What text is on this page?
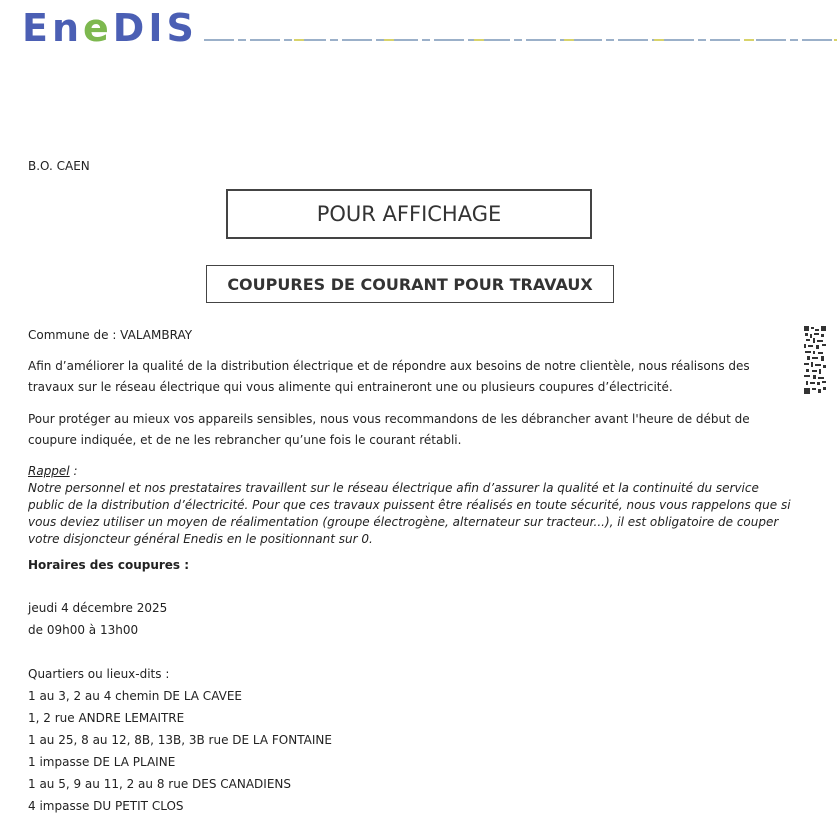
EneDIS
B.O. CAEN
POUR AFFICHAGE
COUPURES DE COURANT POUR TRAVAUX
Commune de : VALAMBRAY
Afin d’améliorer la qualité de la distribution électrique et de répondre aux besoins de notre clientèle, nous réalisons des travaux sur le réseau électrique qui vous alimente qui entraineront une ou plusieurs coupures d’électricité.
Pour protéger au mieux vos appareils sensibles, nous vous recommandons de les débrancher avant l'heure de début de coupure indiquée, et de ne les rebrancher qu’une fois le courant rétabli.
Rappel :
Notre personnel et nos prestataires travaillent sur le réseau électrique afin d’assurer la qualité et la continuité du service public de la distribution d’électricité. Pour que ces travaux puissent être réalisés en toute sécurité, nous vous rappelons que si vous deviez utiliser un moyen de réalimentation (groupe électrogène, alternateur sur tracteur...), il est obligatoire de couper votre disjoncteur général Enedis en le positionnant sur 0.
Horaires des coupures :
jeudi 4 décembre 2025
de 09h00 à 13h00
Quartiers ou lieux-dits :
1 au 3, 2 au 4 chemin DE LA CAVEE
1, 2 rue ANDRE LEMAITRE
1 au 25, 8 au 12, 8B, 13B, 3B rue DE LA FONTAINE
1 impasse DE LA PLAINE
1 au 5, 9 au 11, 2 au 8 rue DES CANADIENS
4 impasse DU PETIT CLOS
